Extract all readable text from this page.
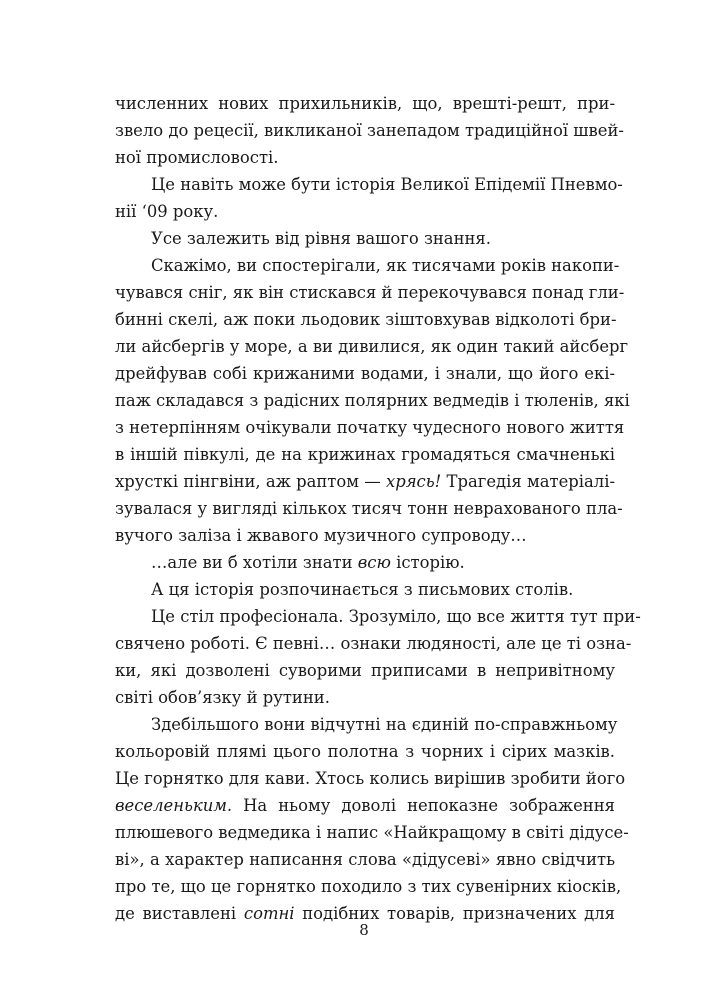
численних нових прихильників, що, врешті-решт, при-
звело до рецесії, викликаної занепадом традиційної швей-
ної промисловості.
Це навіть може бути історія Великої Епідемії Пневмо-
нії ‘09 року.
Усе залежить від рівня вашого знання.
Скажімо, ви спостерігали, як тисячами років накопи-
чувався сніг, як він стискався й перекочувався понад гли-
бинні скелі, аж поки льодовик зіштовхував відколоті бри-
ли айсбергів у море, а ви дивилися, як один такий айсберг
дрейфував собі крижаними водами, і знали, що його екі-
паж складався з радісних полярних ведмедів і тюленів, які
з нетерпінням очікували початку чудесного нового життя
в іншій півкулі, де на крижинах громадяться смачненькі
хрусткі пінгвіни, аж раптом — хрясь! Трагедія матеріалі-
зувалася у вигляді кількох тисяч тонн неврахованого пла-
вучого заліза і жвавого музичного супроводу…
…але ви б хотіли знати всю історію.
А ця історія розпочинається з письмових столів.
Це стіл професіонала. Зрозуміло, що все життя тут при-
свячено роботі. Є певні… ознаки людяності, але це ті озна-
ки, які дозволені суворими приписами в непривітному
світі обов’язку й рутини.
Здебільшого вони відчутні на єдиній по-справжньому
кольоровій плямі цього полотна з чорних і сірих мазків.
Це горнятко для кави. Хтось колись вирішив зробити його
веселеньким. На ньому доволі непоказне зображення
плюшевого ведмедика і напис «Найкращому в світі дідусе-
ві», а характер написання слова «дідусеві» явно свідчить
про те, що це горнятко походило з тих сувенірних кіосків,
де виставлені сотні подібних товарів, призначених для
8
